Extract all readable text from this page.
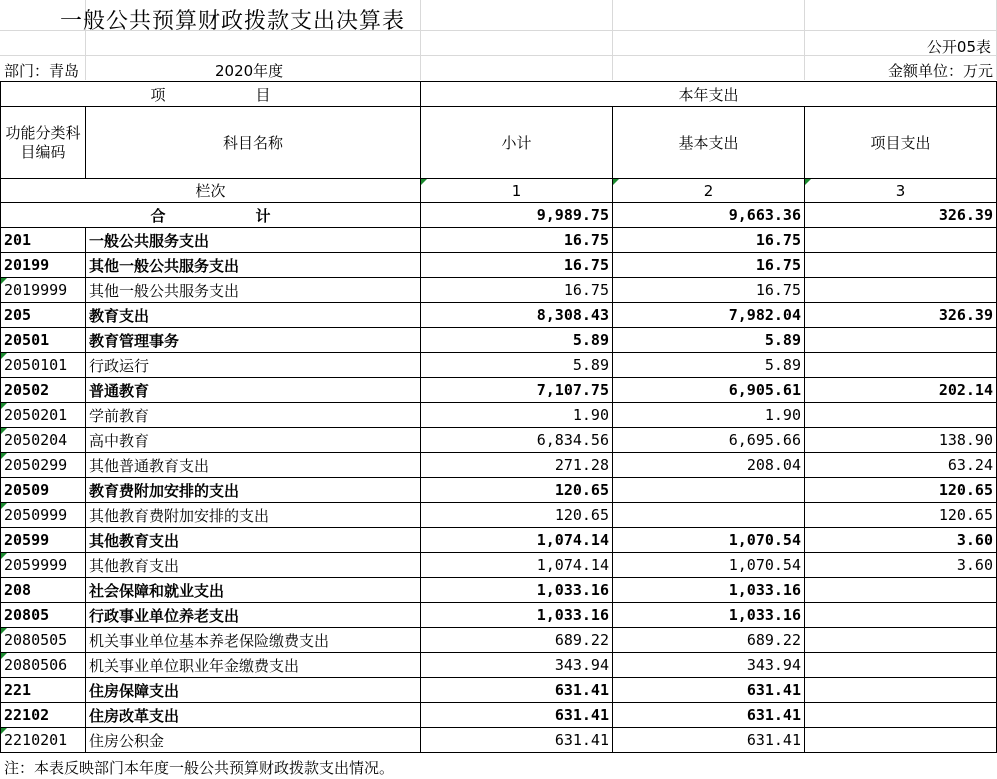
一般公共预算财政拨款支出决算表
公开05表
部门：青岛	2020年度	金额单位：万元
项　　　　　　目		本年支出		
功能分类科目编码	科目名称	小计	基本支出	项目支出
栏次		1	2	3
合　　　　　　计		9,989.75	9,663.36	326.39
201	一般公共服务支出	16.75	16.75	
20199	其他一般公共服务支出	16.75	16.75	
2019999	其他一般公共服务支出	16.75	16.75	
205	教育支出	8,308.43	7,982.04	326.39
20501	教育管理事务	5.89	5.89	
2050101	行政运行	5.89	5.89	
20502	普通教育	7,107.75	6,905.61	202.14
2050201	学前教育	1.90	1.90	
2050204	高中教育	6,834.56	6,695.66	138.90
2050299	其他普通教育支出	271.28	208.04	63.24
20509	教育费附加安排的支出	120.65		120.65
2050999	其他教育费附加安排的支出	120.65		120.65
20599	其他教育支出	1,074.14	1,070.54	3.60
2059999	其他教育支出	1,074.14	1,070.54	3.60
208	社会保障和就业支出	1,033.16	1,033.16	
20805	行政事业单位养老支出	1,033.16	1,033.16	
2080505	机关事业单位基本养老保险缴费支出	689.22	689.22	
2080506	机关事业单位职业年金缴费支出	343.94	343.94	
221	住房保障支出	631.41	631.41	
22102	住房改革支出	631.41	631.41	
2210201	住房公积金	631.41	631.41	
注：本表反映部门本年度一般公共预算财政拨款支出情况。
